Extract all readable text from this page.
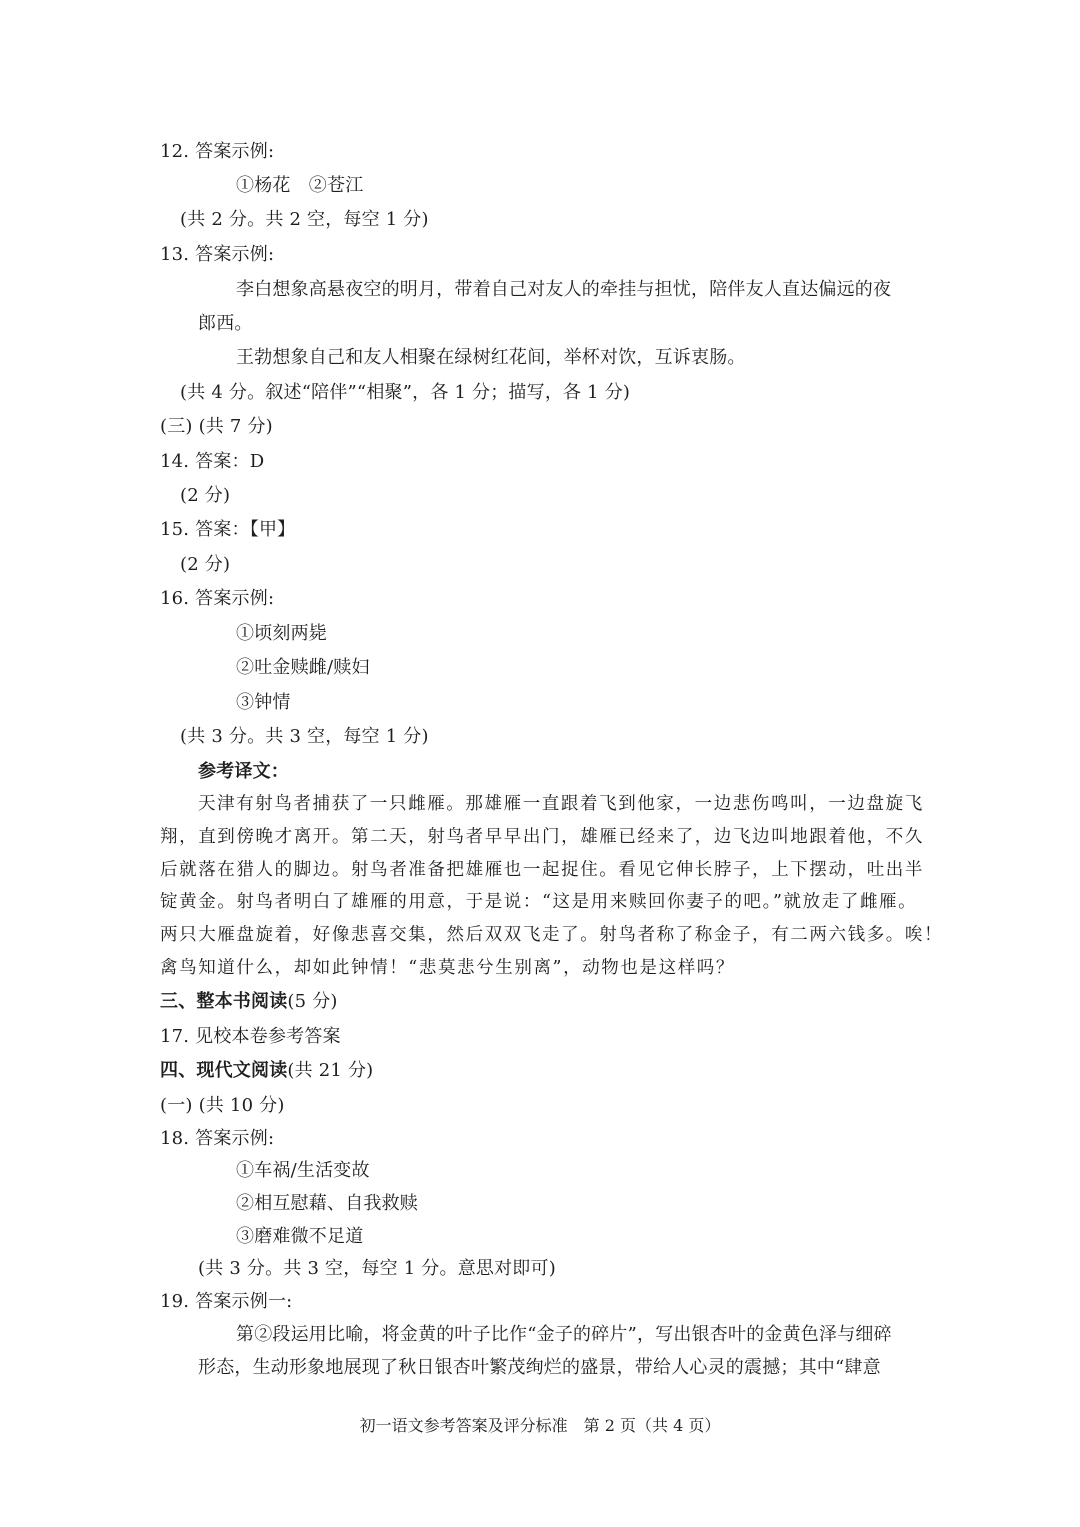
12. 答案示例:
①杨花　②苍江
(共 2 分。共 2 空，每空 1 分)
13. 答案示例:
李白想象高悬夜空的明月，带着自己对友人的牵挂与担忧，陪伴友人直达偏远的夜
郎西。
王勃想象自己和友人相聚在绿树红花间，举杯对饮，互诉衷肠。
(共 4 分。叙述“陪伴”“相聚”，各 1 分；描写，各 1 分)
(三) (共 7 分)
14. 答案：D
(2 分)
15. 答案：【甲】
(2 分)
16. 答案示例:
①顷刻两毙
②吐金赎雌/赎妇
③钟情
(共 3 分。共 3 空，每空 1 分)
参考译文：
天津有射鸟者捕获了一只雌雁。那雄雁一直跟着飞到他家，一边悲伤鸣叫，一边盘旋飞
翔，直到傍晚才离开。第二天，射鸟者早早出门，雄雁已经来了，边飞边叫地跟着他，不久
后就落在猎人的脚边。射鸟者准备把雄雁也一起捉住。看见它伸长脖子，上下摆动，吐出半
锭黄金。射鸟者明白了雄雁的用意，于是说：“这是用来赎回你妻子的吧。”就放走了雌雁。
两只大雁盘旋着，好像悲喜交集，然后双双飞走了。射鸟者称了称金子，有二两六钱多。唉！
禽鸟知道什么，却如此钟情！“悲莫悲兮生别离”，动物也是这样吗？
三、整本书阅读(5 分)
17. 见校本卷参考答案
四、现代文阅读(共 21 分)
(一) (共 10 分)
18. 答案示例:
①车祸/生活变故
②相互慰藉、自我救赎
③磨难微不足道
(共 3 分。共 3 空，每空 1 分。意思对即可)
19. 答案示例一:
第②段运用比喻，将金黄的叶子比作“金子的碎片”，写出银杏叶的金黄色泽与细碎
形态，生动形象地展现了秋日银杏叶繁茂绚烂的盛景，带给人心灵的震撼；其中“肆意
初一语文参考答案及评分标准　第 2 页（共 4 页）
